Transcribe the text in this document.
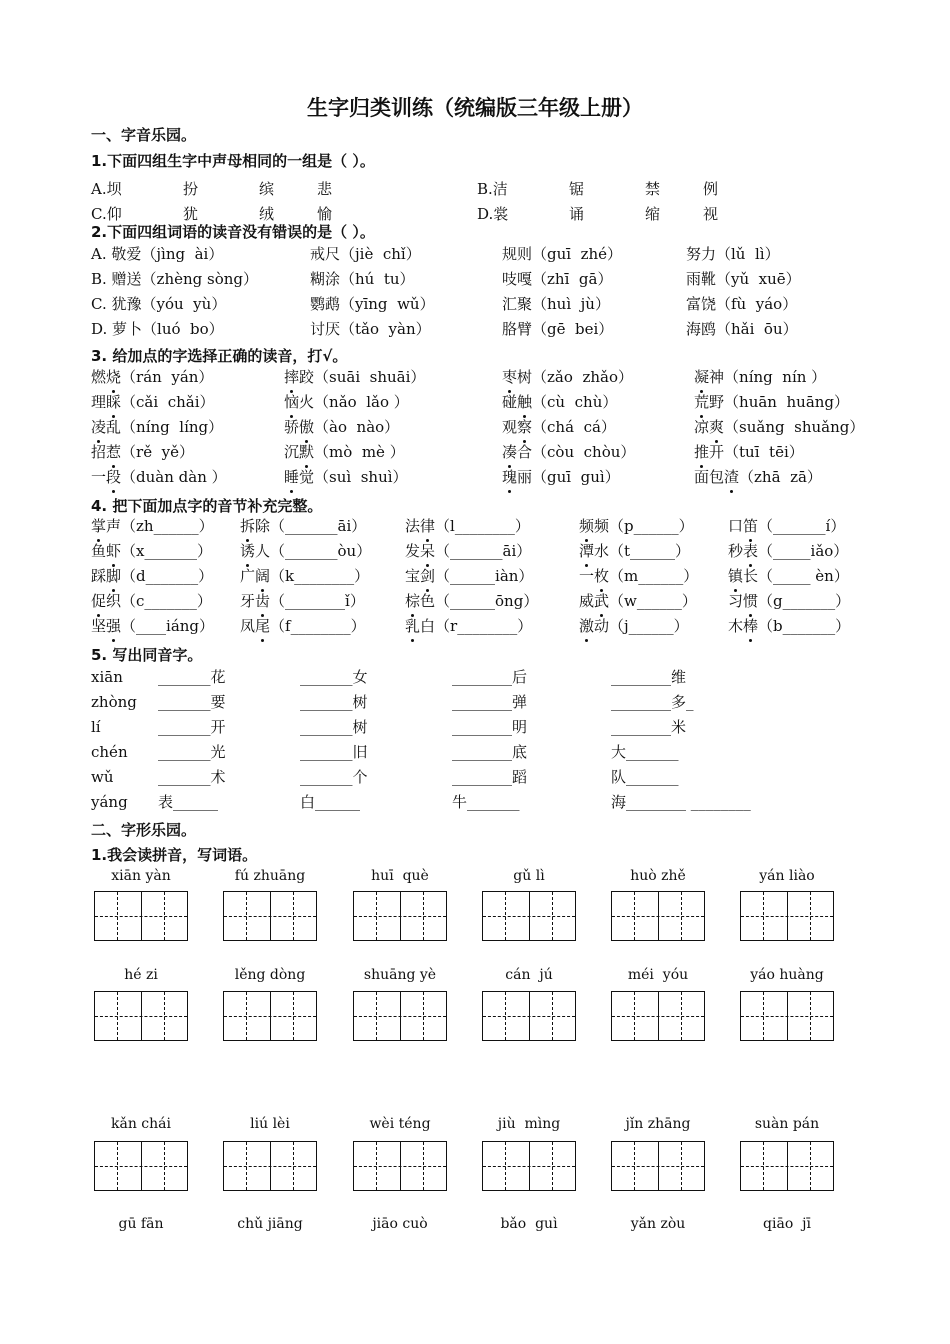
生字归类训练（统编版三年级上册）
一、字音乐园。
1.下面四组生字中声母相同的一组是（ ）。
A.坝	扮	缤	悲	B.洁	锯	禁	例
C.仰	犹	绒	愉	D.裳	诵	缩	视
2.下面四组词语的读音没有错误的是（ ）。
A. 敬爱（jìng  ài）	戒尺（jiè  chǐ）	规则（guī  zhé）	努力（lǔ  lì）
B. 赠送（zhèng sòng）	糊涂（hú  tu）	吱嘎（zhī  gā）	雨靴（yǔ  xuē）
C. 犹豫（yóu  yù）	鹦鹉（yīng  wǔ）	汇聚（huì  jù）	富饶（fù  yáo）
D. 萝卜（luó  bo）	讨厌（tǎo  yàn）	胳臂（gē  bei）	海鸥（hǎi  ōu）
3. 给加点的字选择正确的读音，打√。
燃烧（rán  yán）	摔跤（suāi  shuāi）	枣树（zǎo  zhǎo）	凝神（níng  nín ）
理睬（cǎi  chǎi）	恼火（nǎo  lǎo ）	碰触（cù  chù）	荒野（huān  huāng）
凌乱（níng  líng）	骄傲（ào  nào）	观察（chá  cá）	凉爽（suǎng  shuǎng）
招惹（rě  yě）	沉默（mò  mè ）	凑合（còu  chòu）	推开（tuī  tēi）
一段（duàn dàn ）	睡觉（suì  shuì）	瑰丽（guī  guì）	面包渣（zhā  zā）
4. 把下面加点字的音节补充完整。
掌声（zh______） 拆除（_______āi）	法律（l________）	频频（p______） 口笛（_______í）
鱼虾（x_______） 诱人（_______òu） 发呆（_______āi）	潭水（t______）	秒表（_____iǎo）
踩脚（d_______） 广阔（k________） 宝剑（______iàn）	一枚（m______） 镇长（_____ èn）
促织（c_______） 牙齿（________ǐ）	棕色（______ōng）	威武（w______） 习惯（g_______）
坚强（____iáng） 凤尾（f________）	乳白（r________）	激动（j______）	木棒（b_______）
5. 写出同音字。
xiān _______花	_______女	________后	________维
zhòng _______要	_______树	________弹	________多_
lí	_______开	_______树	________明	________米
chén _______光	_______旧	________底	大_______
wǔ	_______术	_______个	________蹈	队_______
yáng 表______	白______	牛_______	海________ ________
二、字形乐园。
1.我会读拼音，写词语。
xiān yàn	fú zhuāng	huī  què	gǔ lì	huò zhě	yán liào
hé zi	lěng dòng	shuāng yè	cán  jú	méi  yóu	yáo huàng
kǎn chái	liú lèi	wèi téng	jiù  mìng	jǐn zhāng	suàn pán
gū fān	chǔ jiāng	jiāo cuò	bǎo  guì	yǎn zòu	qiāo  jī
